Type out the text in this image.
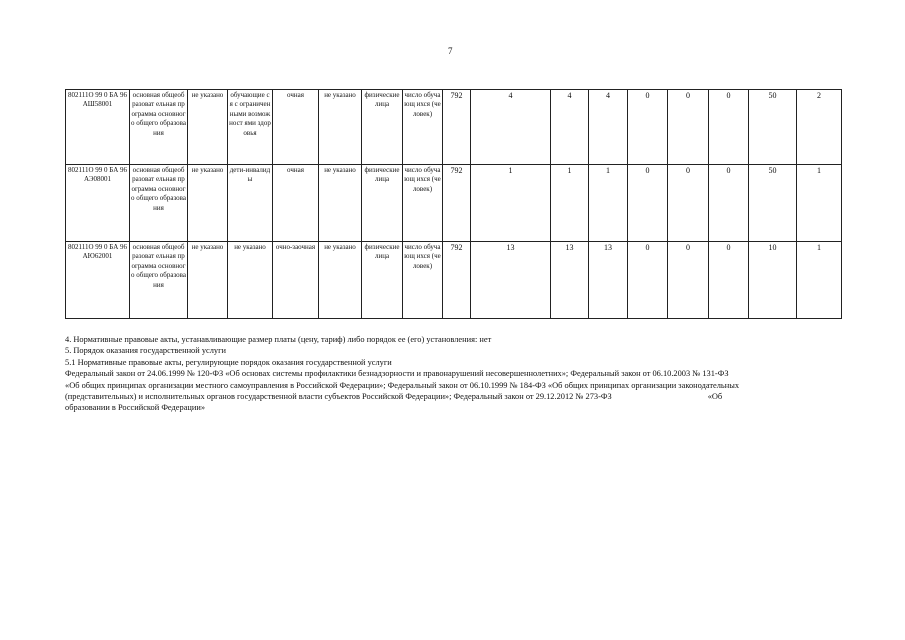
7
802111О 99 0 БА 96АШ58001	основная общеобразоват ельная программа основного общего образования	не указано	обучающие ся с ограничен ными возможност ями здоровья	очная	не указано	физические лица	число обучающ ихся (человек)	792	4	4	4	0	0	0	50	2
802111О 99 0 БА 96АЭ08001	основная общеобразоват ельная программа основного общего образования	не указано	дети-инвалиды	очная	не указано	физические лица	число обучающ ихся (человек)	792	1	1	1	0	0	0	50	1
802111О 99 0 БА 96АЮ62001	основная общеобразоват ельная программа основного общего образования	не указано	не указано	очно-заочная	не указано	физические лица	число обучающ ихся (человек)	792	13	13	13	0	0	0	10	1
4. Нормативные правовые акты, устанавливающие размер платы (цену, тариф) либо порядок ее (его) установления: нет
5. Порядок оказания государственной услуги
5.1 Нормативные правовые акты, регулирующие порядок оказания государственной услуги
Федеральный закон от 24.06.1999 № 120-ФЗ «Об основах системы профилактики безнадзорности и правонарушений несовершеннолетних»; Федеральный закон от 06.10.2003 № 131-ФЗ
«Об общих принципах организации местного самоуправления в Российской Федерации»; Федеральный закон от 06.10.1999 № 184-ФЗ «Об общих принципах организации законодательных
(представительных) и исполнительных органов государственной власти субъектов Российской Федерации»; Федеральный закон от 29.12.2012 № 273-ФЗ	«Об
образовании в Российской Федерации»
